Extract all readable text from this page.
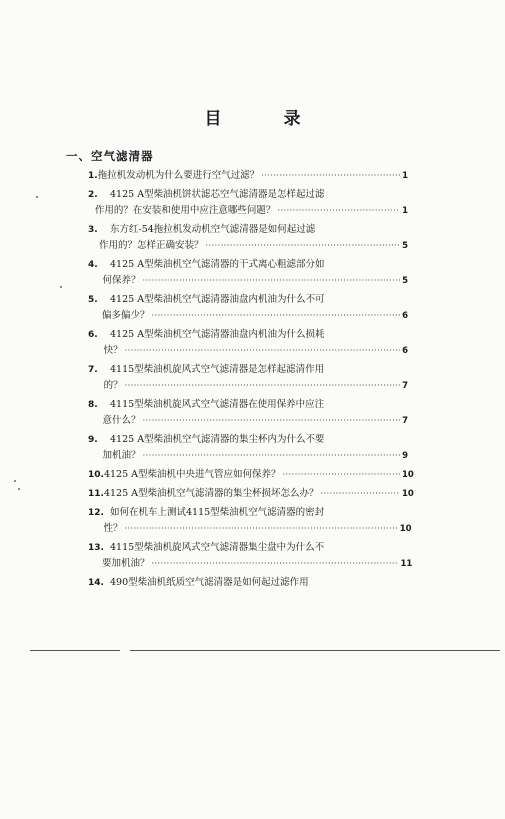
目 录
一、空气滤清器
1. 拖拉机发动机为什么要进行空气过滤？ ·····	1
2.	4125 A型柴油机饼状滤芯空气滤清器是怎样起过滤
作用的？在安装和使用中应注意哪些问题？ ·····	1
3.	东方红-54拖拉机发动机空气滤清器是如何起过滤
作用的？怎样正确安装？ ·····	5
4.	4125 A型柴油机空气滤清器的干式离心粗滤部分如
何保养？ ·····	5
5.	4125 A型柴油机空气滤清器油盘内机油为什么不可
偏多偏少？ ·····	6
6.	4125 A型柴油机空气滤清器油盘内机油为什么损耗
快？ ·····	6
7.	4115型柴油机旋风式空气滤清器是怎样起滤清作用
的？ ·····	7
8.	4115型柴油机旋风式空气滤清器在使用保养中应注
意什么？ ·····	7
9.	4125 A型柴油机空气滤清器的集尘杯内为什么不要
加机油？ ·····	9
10. 4125 A型柴油机中央进气管应如何保养？ ·····	10
11. 4125 A型柴油机空气滤清器的集尘杯损坏怎么办？ ·····	10
12. 如何在机车上测试4115型柴油机空气滤清器的密封
性？ ·····	10
13. 4115型柴油机旋风式空气滤清器集尘盘中为什么不
要加机油？ ·····	11
14. 490型柴油机纸质空气滤清器是如何起过滤作用
